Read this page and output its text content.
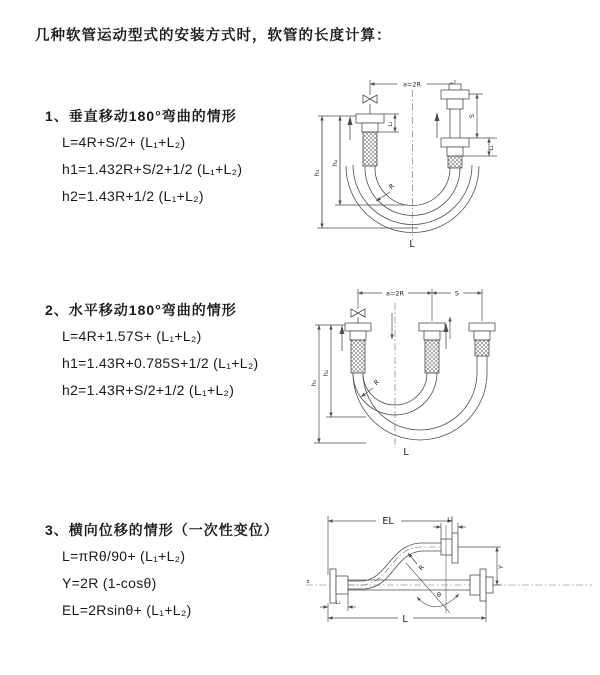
几种软管运动型式的安装方式时，软管的长度计算：
1、垂直移动180°弯曲的情形
L=4R+S/2+ (L₁+L₂)
h1=1.432R+S/2+1/2 (L₁+L₂)
h2=1.43R+1/2 (L₁+L₂)
2、水平移动180°弯曲的情形
L=4R+1.57S+ (L₁+L₂)
h1=1.43R+0.785S+1/2 (L₁+L₂)
h2=1.43R+S/2+1/2 (L₁+L₂)
3、横向位移的情形（一次性变位）
L=πRθ/90+ (L₁+L₂)
Y=2R (1-cosθ)
EL=2Rsinθ+ (L₁+L₂)
a=2R
h₁
h₂
L₁
S
L₂
R
L
a=2R	S
h₁
h₂
R
L
EL	L₂
Y
R
θ
L
L₁
z
